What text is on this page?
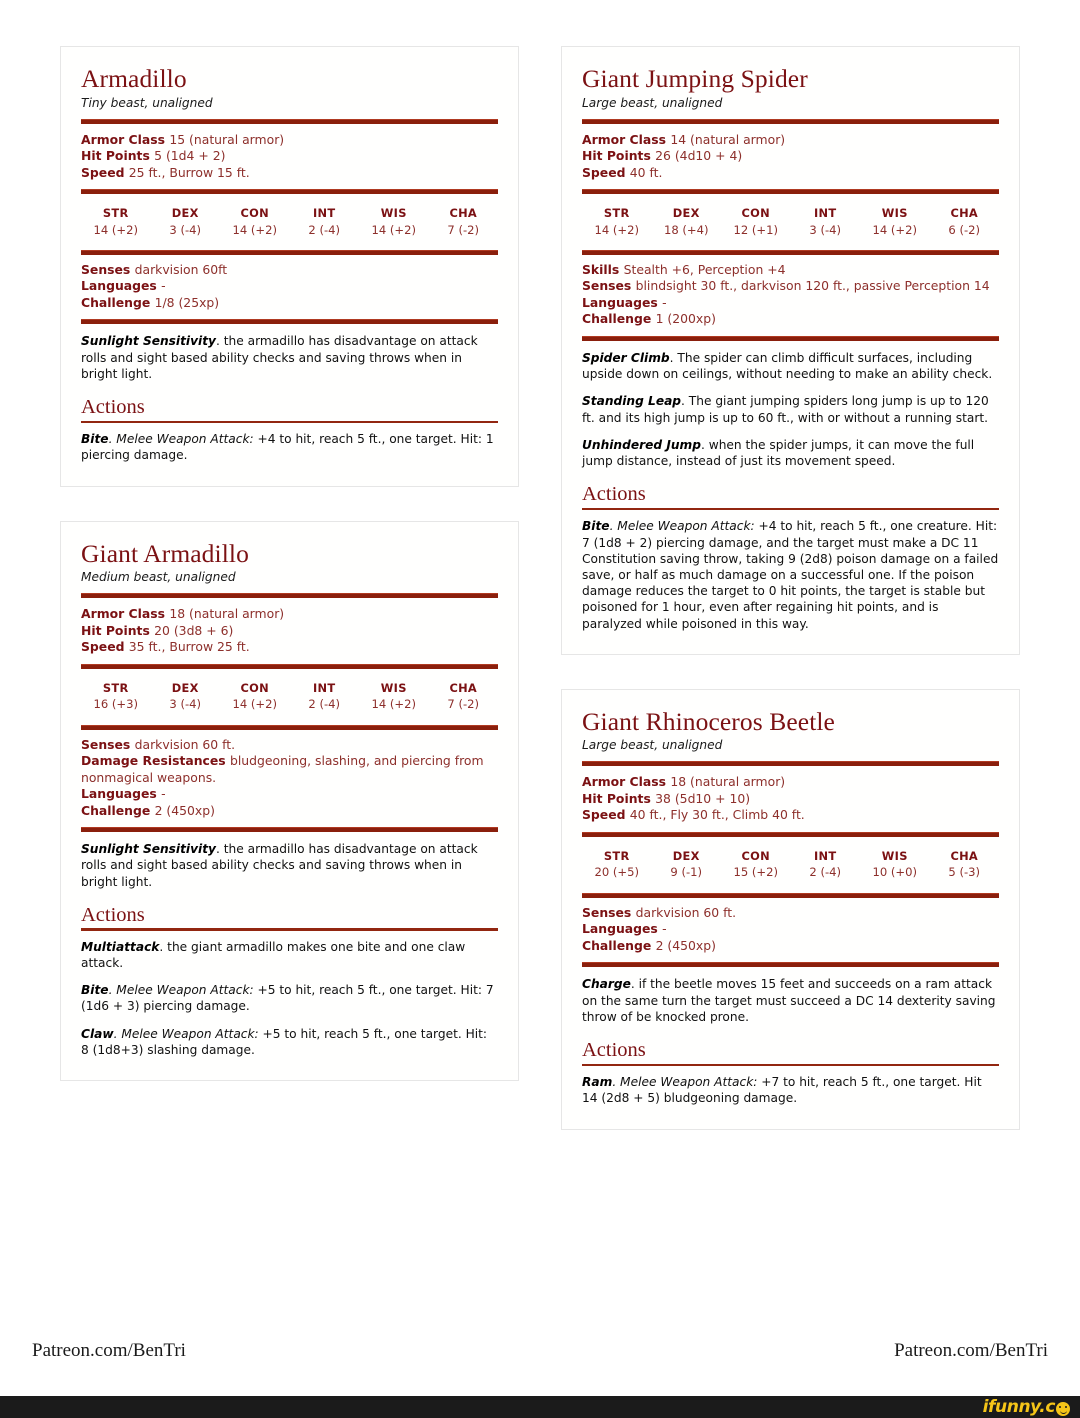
Armadillo
Tiny beast, unaligned
Armor Class 15 (natural armor)
Hit Points 5 (1d4 + 2)
Speed 25 ft., Burrow 15 ft.
STR
14 (+2)
DEX
3 (-4)
CON
14 (+2)
INT
2 (-4)
WIS
14 (+2)
CHA
7 (-2)
Senses darkvision 60ft
Languages -
Challenge 1/8 (25xp)

Sunlight Sensitivity. the armadillo has disadvantage on attack rolls and sight based ability checks and saving throws when in bright light.

Actions

Bite. Melee Weapon Attack: +4 to hit, reach 5 ft., one target. Hit: 1 piercing damage.

Giant Armadillo
Medium beast, unaligned
Armor Class 18 (natural armor)
Hit Points 20 (3d8 + 6)
Speed 35 ft., Burrow 25 ft.
STR
16 (+3)
DEX
3 (-4)
CON
14 (+2)
INT
2 (-4)
WIS
14 (+2)
CHA
7 (-2)
Senses darkvision 60 ft.
Damage Resistances bludgeoning, slashing, and piercing from nonmagical weapons.
Languages -
Challenge 2 (450xp)

Sunlight Sensitivity. the armadillo has disadvantage on attack rolls and sight based ability checks and saving throws when in bright light.

Actions

Multiattack. the giant armadillo makes one bite and one claw attack.

Bite. Melee Weapon Attack: +5 to hit, reach 5 ft., one target. Hit: 7 (1d6 + 3) piercing damage.

Claw. Melee Weapon Attack: +5 to hit, reach 5 ft., one target. Hit: 8 (1d8+3) slashing damage.

Giant Jumping Spider
Large beast, unaligned
Armor Class 14 (natural armor)
Hit Points 26 (4d10 + 4)
Speed 40 ft.
STR
14 (+2)
DEX
18 (+4)
CON
12 (+1)
INT
3 (-4)
WIS
14 (+2)
CHA
6 (-2)
Skills Stealth +6, Perception +4
Senses blindsight 30 ft., darkvison 120 ft., passive Perception 14
Languages -
Challenge 1 (200xp)

Spider Climb. The spider can climb difficult surfaces, including upside down on ceilings, without needing to make an ability check.

Standing Leap. The giant jumping spiders long jump is up to 120 ft. and its high jump is up to 60 ft., with or without a running start.

Unhindered Jump. when the spider jumps, it can move the full jump distance, instead of just its movement speed.

Actions

Bite. Melee Weapon Attack: +4 to hit, reach 5 ft., one creature. Hit: 7 (1d8 + 2) piercing damage, and the target must make a DC 11 Constitution saving throw, taking 9 (2d8) poison damage on a failed save, or half as much damage on a successful one. If the poison damage reduces the target to 0 hit points, the target is stable but poisoned for 1 hour, even after regaining hit points, and is paralyzed while poisoned in this way.

Giant Rhinoceros Beetle
Large beast, unaligned
Armor Class 18 (natural armor)
Hit Points 38 (5d10 + 10)
Speed 40 ft., Fly 30 ft., Climb 40 ft.
STR
20 (+5)
DEX
9 (-1)
CON
15 (+2)
INT
2 (-4)
WIS
10 (+0)
CHA
5 (-3)
Senses darkvision 60 ft.
Languages -
Challenge 2 (450xp)

Charge. if the beetle moves 15 feet and succeeds on a ram attack on the same turn the target must succeed a DC 14 dexterity saving throw of be knocked prone.

Actions

Ram. Melee Weapon Attack: +7 to hit, reach 5 ft., one target. Hit 14 (2d8 + 5) bludgeoning damage.

Patreon.com/BenTri	Patreon.com/BenTri
ifunny.c
